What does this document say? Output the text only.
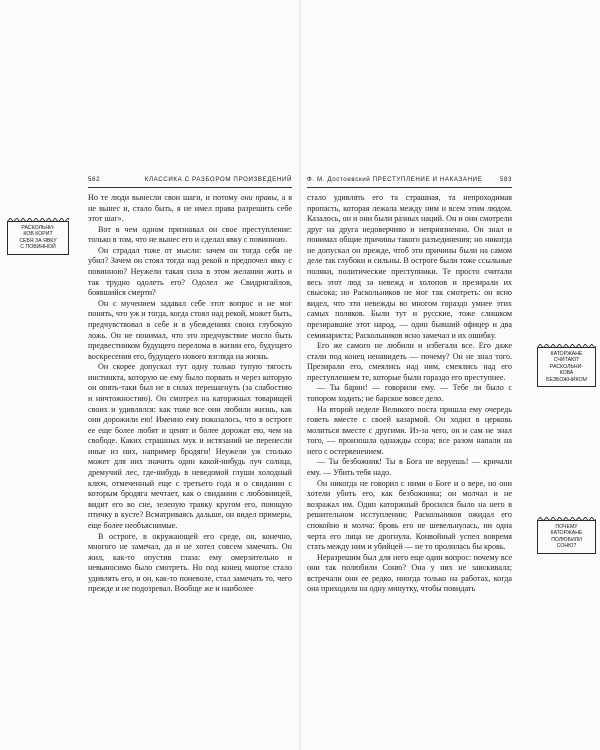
582	КЛАССИКА С РАЗБОРОМ ПРОИЗВЕДЕНИЙ
РАСКОЛЬНИ-
КОВ КОРИТ
СЕБЯ ЗА ЯВКУ
С ПОВИННОЙ

Но те люди вынесли свои шаги, и потому они правы, а я не вынес и, стало быть, я не имел права разрешить себе этот шаг».

Вот в чем одном признавал он свое преступление: только в том, что не вынес его и сделал явку с повинною.

Он страдал тоже от мысли: зачем он тогда себя не убил? Зачем он стоял тогда над рекой и предпочел явку с повинною? Неужели такая сила в этом желании жить и так трудно одолеть его? Одолел же Свидригайлов, боявшийся смерти?

Он с мучением задавал себе этот вопрос и не мог понять, что уж и тогда, когда стоял над рекой, может быть, предчувствовал в себе и в убеждениях своих глубокую ложь. Он не понимал, что это предчувствие могло быть предвестником будущего перелома в жизни его, будущего воскресения его, будущего нового взгляда на жизнь.

Он скорее допускал тут одну только тупую тягость инстинкта, которую не ему было порвать и через которую он опять-таки был не в силах перешагнуть (за слабостию и ничтожностию). Он смотрел на каторжных товарищей своих и удивлялся: как тоже все они любили жизнь, как они дорожили ею! Именно ему показалось, что в остроге ее еще более любят и ценят и более дорожат ею, чем на свободе. Каких страшных мук и истязаний не перенесли иные из них, например бродяги! Неужели уж столько может для них значить один какой-нибудь луч солнца, дремучий лес, где-нибудь в неведомой глуши холодный ключ, отмеченный еще с третьего года и о свидании с которым бродяга мечтает, как о свидании с любовницей, видит его во сне, зеленую травку кругом его, поющую птичку в кусте? Всматриваясь дальше, он видел примеры, еще более необъяснимые.

В остроге, в окружающей его среде, он, конечно, многого не замечал, да и не хотел совсем замечать. Он жил, как-то опустив глаза: ему омерзительно и невыносимо было смотреть. Но под конец многое стало удивлять его, и он, как-то поневоле, стал замечать то, чего прежде и не подозревал. Вообще же и наиболее

Ф. М. Достоевский ПРЕСТУПЛЕНИЕ И НАКАЗАНИЕ	583
КАТОРЖАНЕ
СЧИТАЮТ
РАСКОЛЬНИ-
КОВА
БЕЗБОЖНИКОМ
ПОЧЕМУ
КАТОРЖАНЕ
ПОЛЮБИЛИ
СОНЮ?

стало удивлять его та страшная, та непроходимая пропасть, которая лежала между ним и всем этим людом. Казалось, он и они были разных наций. Он и они смотрели друг на друга недоверчиво и неприязненно. Он знал и понимал общие причины такого разъединения; но никогда не допускал он прежде, чтоб эти причины были на самом деле так глубоки и сильны. В остроге были тоже ссыльные поляки, политические преступники. Те просто считали весь этот люд за невежд и холопов и презирали их свысока; но Раскольников не мог так смотреть: он ясно видел, что эти невежды во многом гораздо умнее этих самых поляков. Были тут и русские, тоже слишком презиравшие этот народ, — один бывший офицер и два семинариста; Раскольников ясно замечал и их ошибку.

Его же самого не любили и избегали все. Его даже стали под конец ненавидеть — почему? Он не знал того. Презирали его, смеялись над ним, смеялись над его преступлением те, которые были гораздо его преступнее.

— Ты барин! — говорили ему. — Тебе ли было с топором ходить; не барское вовсе дело.

На второй неделе Великого поста пришла ему очередь говеть вместе с своей казармой. Он ходил в церковь молиться вместе с другими. Из-за чего, он и сам не знал того, — произошла однажды ссора; все разом напали на него с остервенением.

— Ты безбожник! Ты в Бога не веруешь! — кричали ему. — Убить тебя надо.

Он никогда не говорил с ними о Боге и о вере, но они хотели убить его, как безбожника; он молчал и не возражал им. Один каторжный бросился было на него в решительном исступлении; Раскольников ожидал его спокойно и молча: бровь его не шевельнулась, ни одна черта его лица не дрогнула. Конвойный успел вовремя стать между ним и убийцей — не то пролилась бы кровь.

Неразрешим был для него еще один вопрос: почему все они так полюбили Соню? Она у них не заискивала; встречали они ее редко, иногда только на работах, когда она приходила на одну минутку, чтобы повидать
